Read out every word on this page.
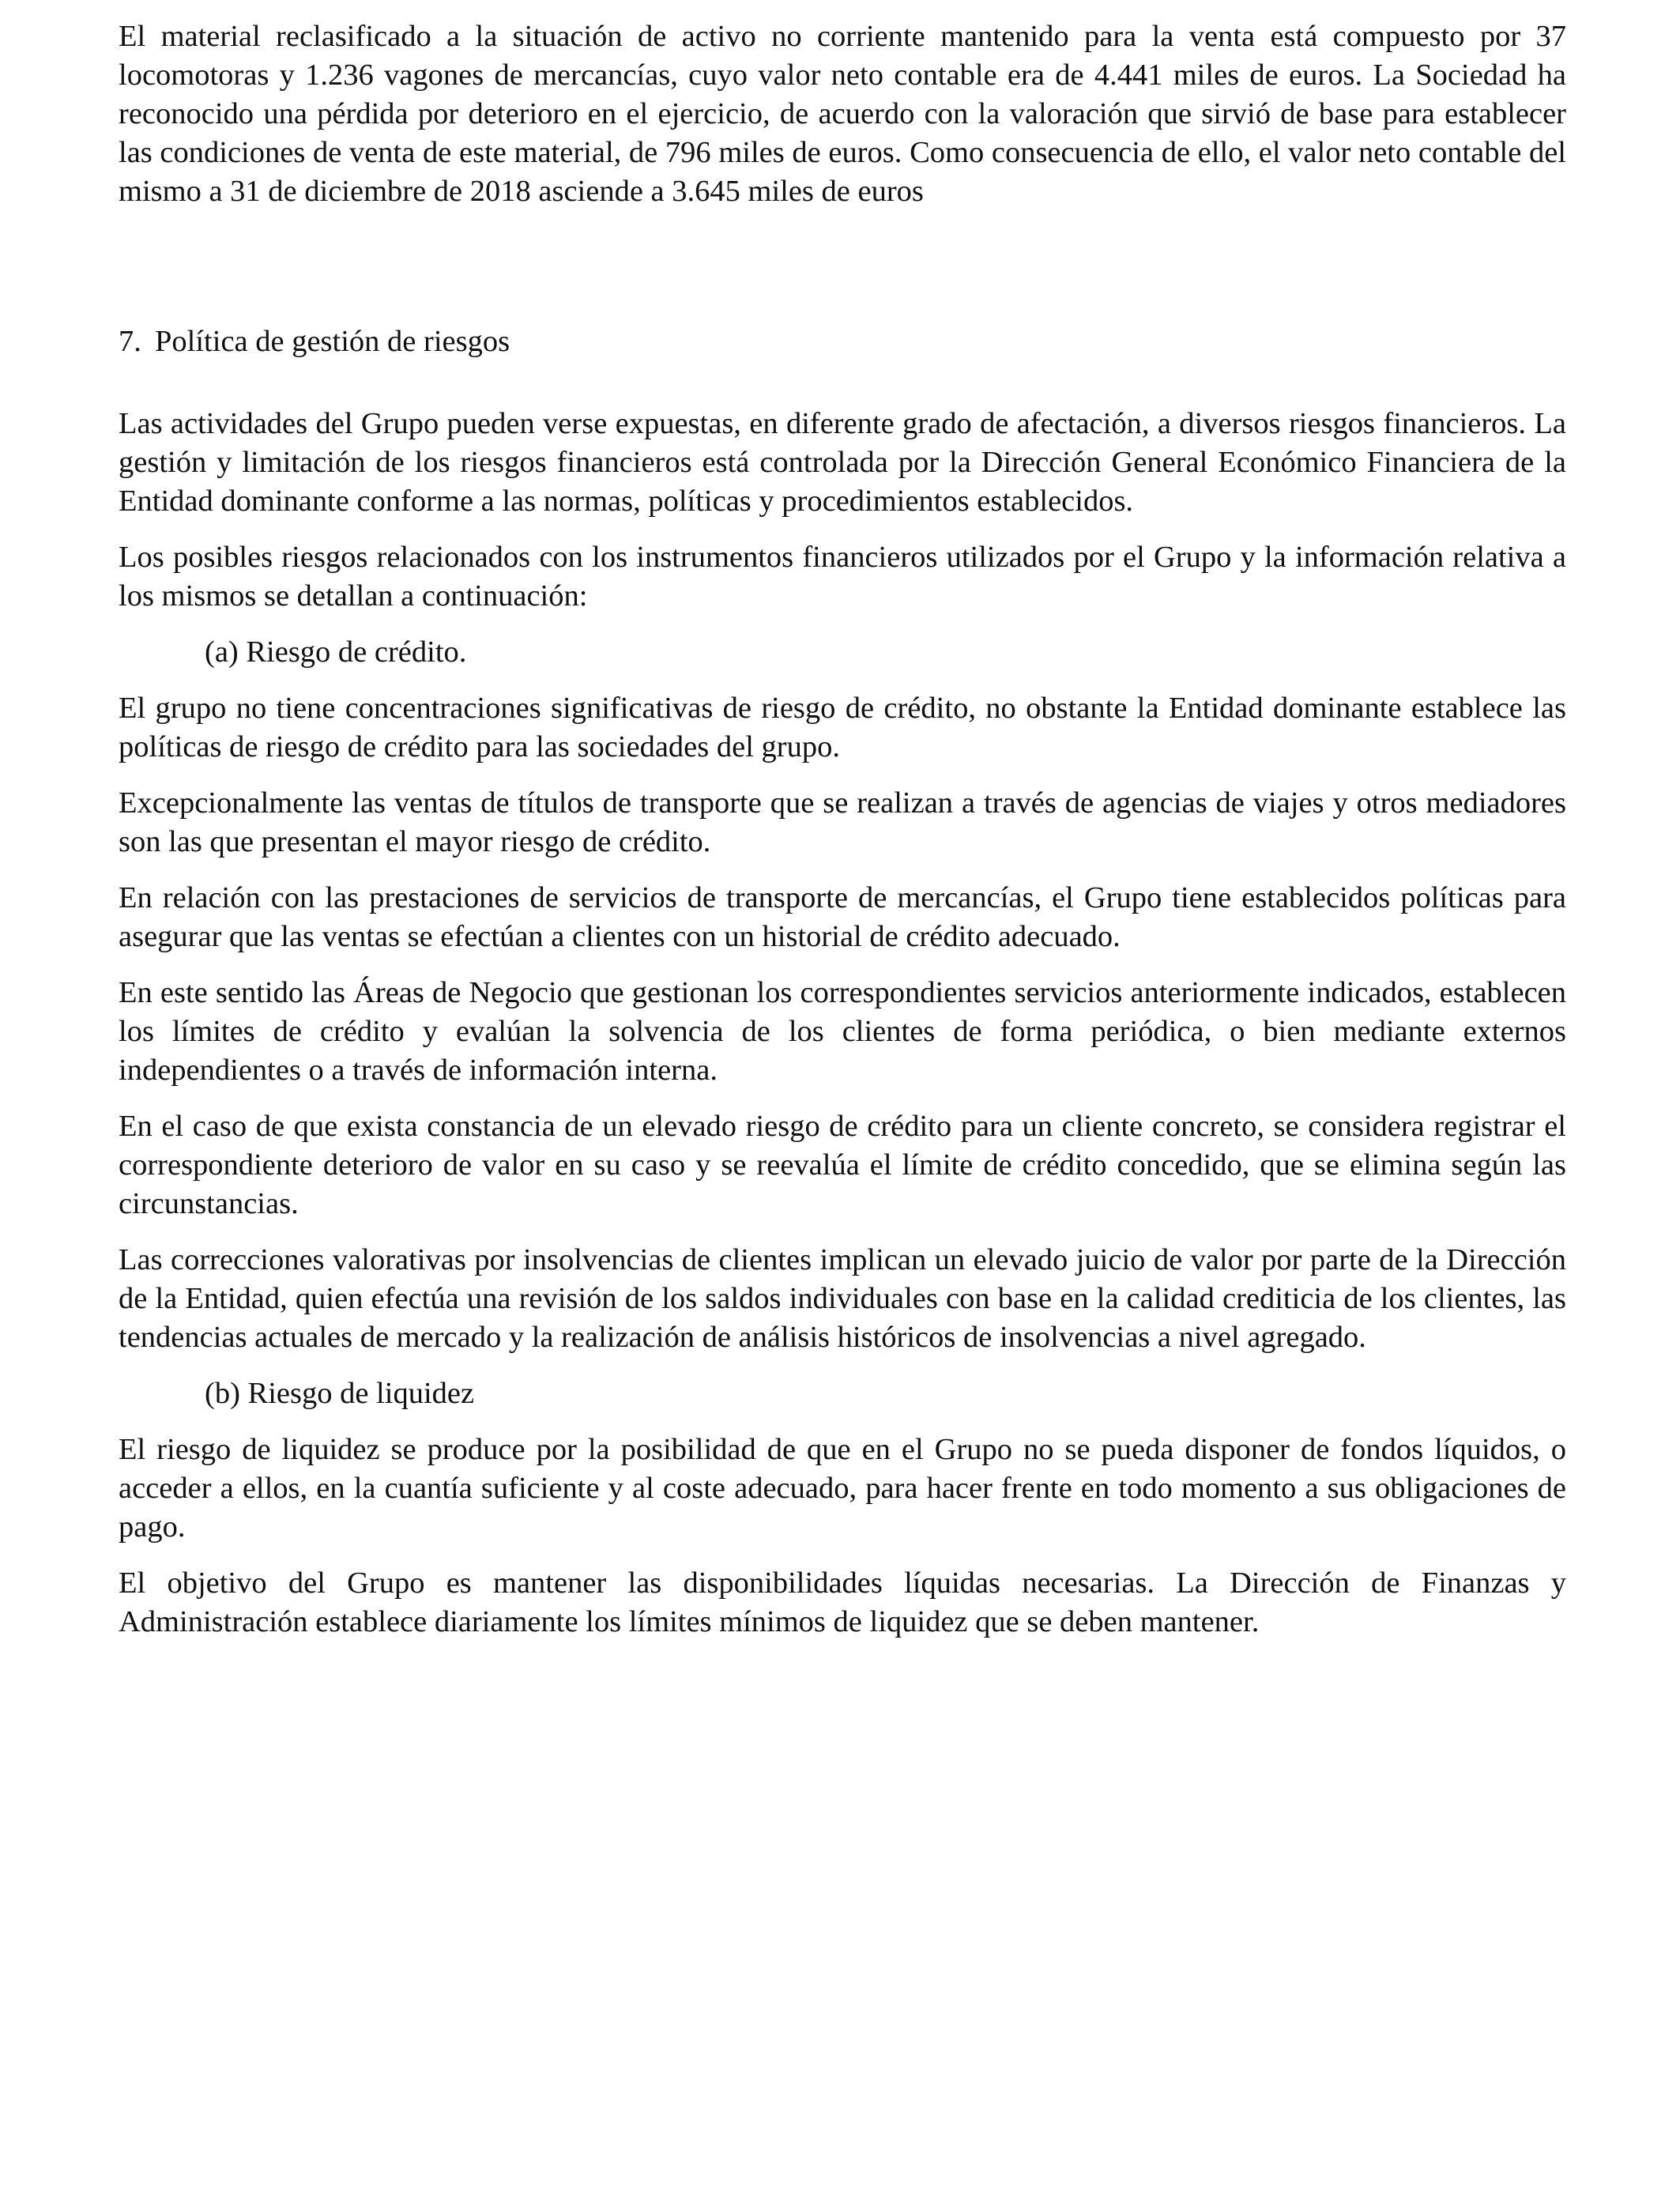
El material reclasificado a la situación de activo no corriente mantenido para la venta está compuesto por 37 locomotoras y 1.236 vagones de mercancías, cuyo valor neto contable era de 4.441 miles de euros. La Sociedad ha reconocido una pérdida por deterioro en el ejercicio, de acuerdo con la valoración que sirvió de base para establecer las condiciones de venta de este material, de 796 miles de euros. Como consecuencia de ello, el valor neto contable del mismo a 31 de diciembre de 2018 asciende a 3.645 miles de euros

7. Política de gestión de riesgos

Las actividades del Grupo pueden verse expuestas, en diferente grado de afectación, a diversos riesgos financieros. La gestión y limitación de los riesgos financieros está controlada por la Dirección General Económico Financiera de la Entidad dominante conforme a las normas, políticas y procedimientos establecidos.

Los posibles riesgos relacionados con los instrumentos financieros utilizados por el Grupo y la información relativa a los mismos se detallan a continuación:

(a) Riesgo de crédito.

El grupo no tiene concentraciones significativas de riesgo de crédito, no obstante la Entidad dominante establece las políticas de riesgo de crédito para las sociedades del grupo.

Excepcionalmente las ventas de títulos de transporte que se realizan a través de agencias de viajes y otros mediadores son las que presentan el mayor riesgo de crédito.

En relación con las prestaciones de servicios de transporte de mercancías, el Grupo tiene establecidos políticas para asegurar que las ventas se efectúan a clientes con un historial de crédito adecuado.

En este sentido las Áreas de Negocio que gestionan los correspondientes servicios anteriormente indicados, establecen los límites de crédito y evalúan la solvencia de los clientes de forma periódica, o bien mediante externos independientes o a través de información interna.

En el caso de que exista constancia de un elevado riesgo de crédito para un cliente concreto, se considera registrar el correspondiente deterioro de valor en su caso y se reevalúa el límite de crédito concedido, que se elimina según las circunstancias.

Las correcciones valorativas por insolvencias de clientes implican un elevado juicio de valor por parte de la Dirección de la Entidad, quien efectúa una revisión de los saldos individuales con base en la calidad crediticia de los clientes, las tendencias actuales de mercado y la realización de análisis históricos de insolvencias a nivel agregado.

(b) Riesgo de liquidez

El riesgo de liquidez se produce por la posibilidad de que en el Grupo no se pueda disponer de fondos líquidos, o acceder a ellos, en la cuantía suficiente y al coste adecuado, para hacer frente en todo momento a sus obligaciones de pago.

El objetivo del Grupo es mantener las disponibilidades líquidas necesarias. La Dirección de Finanzas y Administración establece diariamente los límites mínimos de liquidez que se deben mantener.
